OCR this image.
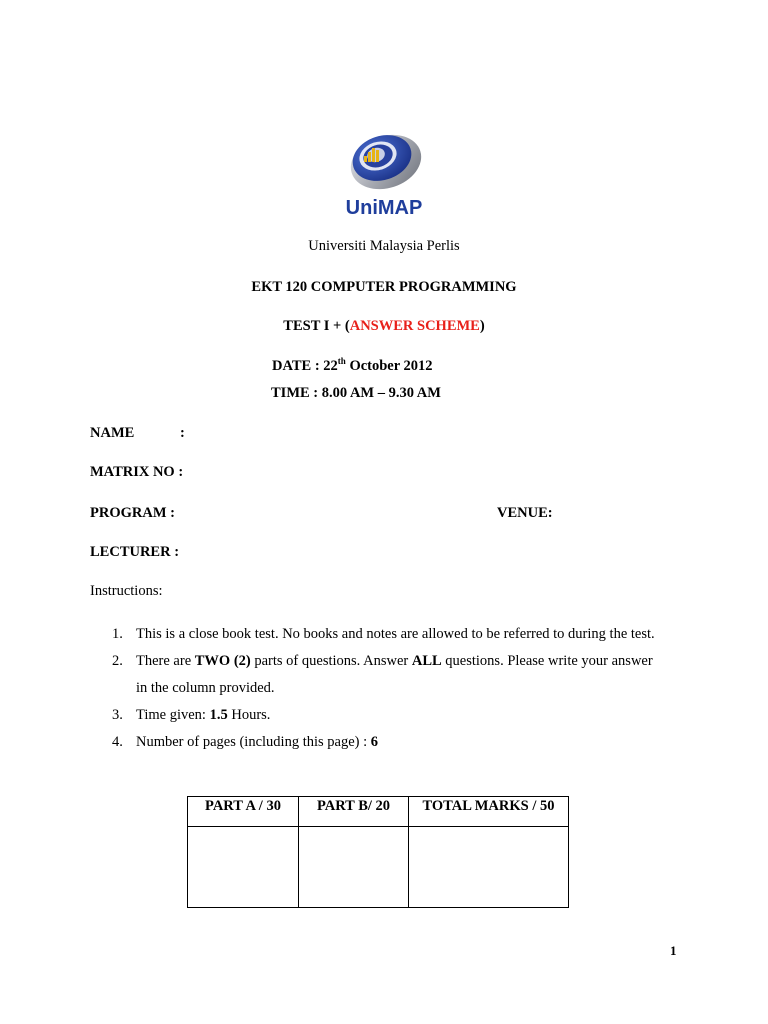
UniMAP
Universiti Malaysia Perlis
EKT 120 COMPUTER PROGRAMMING
TEST I + (ANSWER SCHEME)
DATE : 22th October 2012
TIME : 8.00 AM – 9.30 AM
NAME	:
MATRIX NO :
PROGRAM :	VENUE:
LECTURER :
Instructions:
1. This is a close book test. No books and notes are allowed to be referred to during the test.
2. There are TWO (2) parts of questions. Answer ALL questions. Please write your answer
in the column provided.
3. Time given: 1.5 Hours.
4. Number of pages (including this page) : 6
PART A / 30	PART B/ 20	TOTAL MARKS / 50

1
